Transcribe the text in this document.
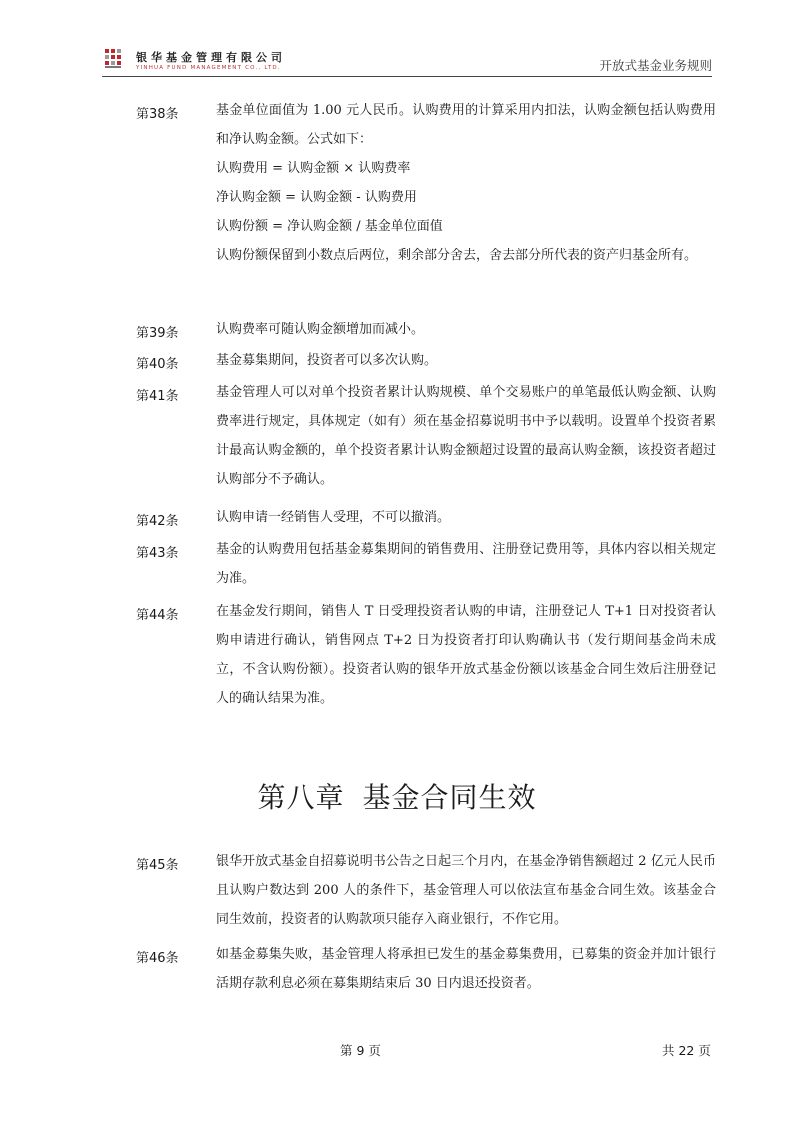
银华基金管理有限公司
YINHUA FUND MANAGEMENT CO., LTD.	开放式基金业务规则
第38条	基金单位面值为 1.00 元人民币。认购费用的计算采用内扣法，认购金额包括认购费用和净认购金额。公式如下：

认购费用 = 认购金额 × 认购费率

净认购金额 = 认购金额 - 认购费用

认购份额 = 净认购金额 / 基金单位面值

认购份额保留到小数点后两位，剩余部分舍去，舍去部分所代表的资产归基金所有。

第39条	认购费率可随认购金额增加而减小。

第40条	基金募集期间，投资者可以多次认购。

第41条	基金管理人可以对单个投资者累计认购规模、单个交易账户的单笔最低认购金额、认购费率进行规定，具体规定（如有）须在基金招募说明书中予以载明。设置单个投资者累计最高认购金额的，单个投资者累计认购金额超过设置的最高认购金额，该投资者超过认购部分不予确认。

第42条	认购申请一经销售人受理，不可以撤消。

第43条	基金的认购费用包括基金募集期间的销售费用、注册登记费用等，具体内容以相关规定为准。

第44条	在基金发行期间，销售人 T 日受理投资者认购的申请，注册登记人 T+1 日对投资者认购申请进行确认，销售网点 T+2 日为投资者打印认购确认书（发行期间基金尚未成立，不含认购份额）。投资者认购的银华开放式基金份额以该基金合同生效后注册登记人的确认结果为准。

第八章 基金合同生效
第45条	银华开放式基金自招募说明书公告之日起三个月内，在基金净销售额超过 2 亿元人民币且认购户数达到 200 人的条件下，基金管理人可以依法宣布基金合同生效。该基金合同生效前，投资者的认购款项只能存入商业银行，不作它用。

第46条	如基金募集失败，基金管理人将承担已发生的基金募集费用，已募集的资金并加计银行活期存款利息必须在募集期结束后 30 日内退还投资者。

第 9 页	共 22 页
